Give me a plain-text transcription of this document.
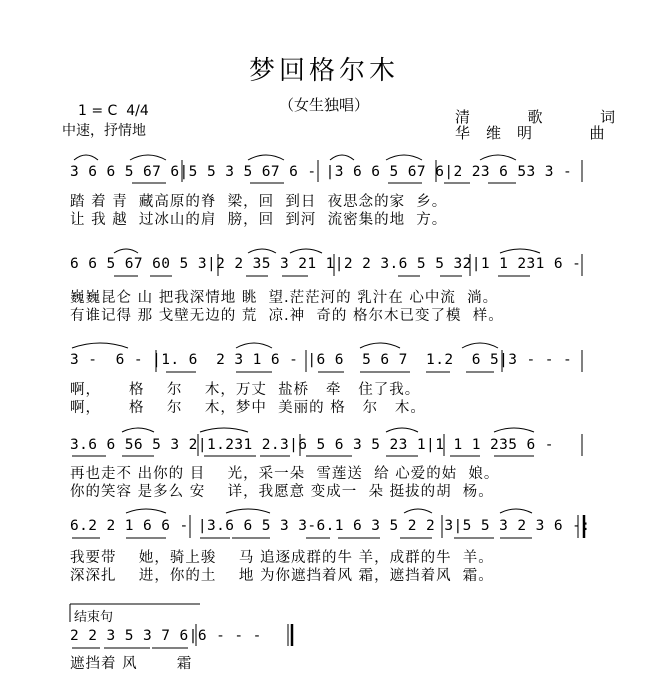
梦回格尔木
（女生独唱）
1 = C  4/4
中速，抒情地
清  歌  词
华维明  曲
3 6 6 5 67 6|5 5 3 5 67 6 - |3 6 6 5 67 6|2 23 6 53 3 -
踏 着 青  藏高原的脊  梁，回  到日  夜思念的家  乡。
让 我 越  过冰山的肩  膀，回  到河  流密集的地  方。
6 6 5 67 60 5 3|2 2 35 3 21 1|2 2 3.6 5 5 32|1 1 231 6 -
巍巍昆仑 山 把我深情地 眺  望.茫茫河的 乳汁在 心中流  淌。
有谁记得 那 戈壁无边的 荒  凉.神  奇的 格尔木已变了模  样。
3 -  6 - |1. 6  2 3 1 6 - |6 6  5 6 7  1.2  6 5|3 - - -
啊，     格    尔    木，万丈  盐桥   牵   住了我。
啊，     格    尔    木，梦中  美丽的 格   尔   木。
3.6 6 56 5 3 2|1.231 2.3|6 5 6 3 5 23 1|1 1 1 235 6 -
再也走不 出你的 目    光，采一朵  雪莲送  给 心爱的姑  娘。
你的笑容 是多么 安    详，我愿意 变成一  朵 挺拔的胡  杨。
6.2 2 1 6 6 - |3.6 6 5 3 3-6.1 6 3 5 2 2 3|5 5 3 2 3 6 -:
我要带    她，骑上骏    马 追逐成群的牛 羊，成群的牛  羊。
深深扎    进，你的土    地 为你遮挡着风 霜，遮挡着风  霜。
结束句
2 2 3 5 3 7 6|6 - - -
遮挡着 风       霜
